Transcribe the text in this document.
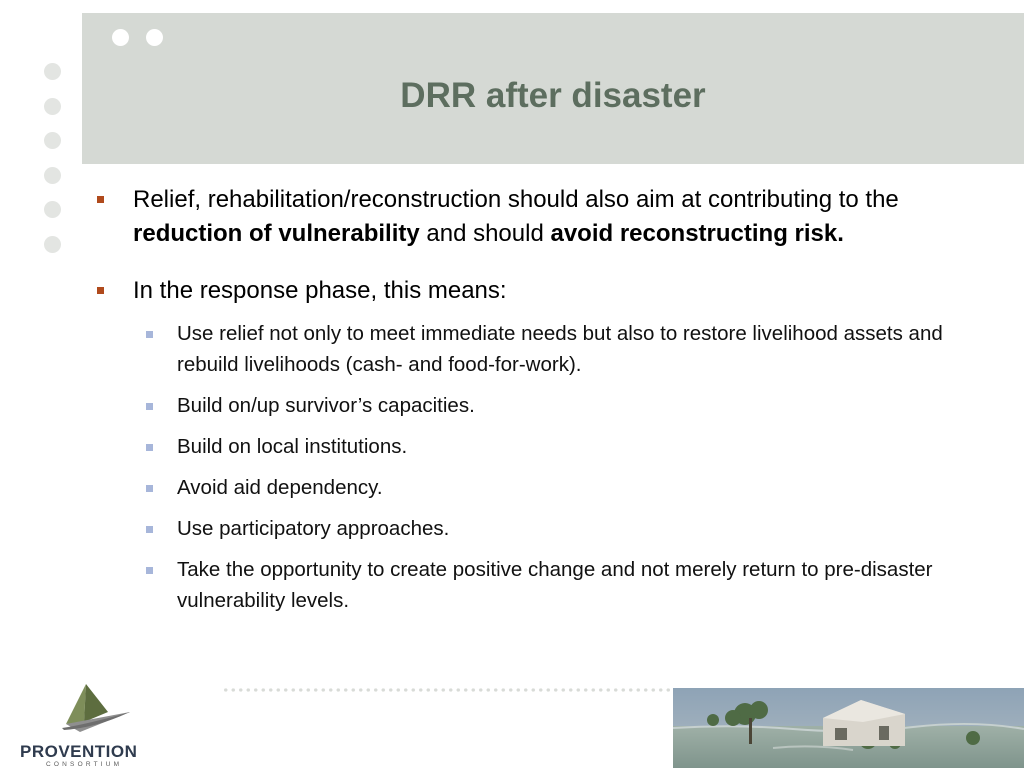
DRR after disaster
Relief, rehabilitation/reconstruction should also aim at contributing to the reduction of vulnerability and should avoid reconstructing risk.
In the response phase, this means:
Use relief not only to meet immediate needs but also to restore livelihood assets and rebuild livelihoods (cash- and food-for-work).
Build on/up survivor’s capacities.
Build on local institutions.
Avoid aid dependency.
Use participatory approaches.
Take the opportunity to create positive change and not merely return to pre-disaster vulnerability levels.
PROVENTION
CONSORTIUM
